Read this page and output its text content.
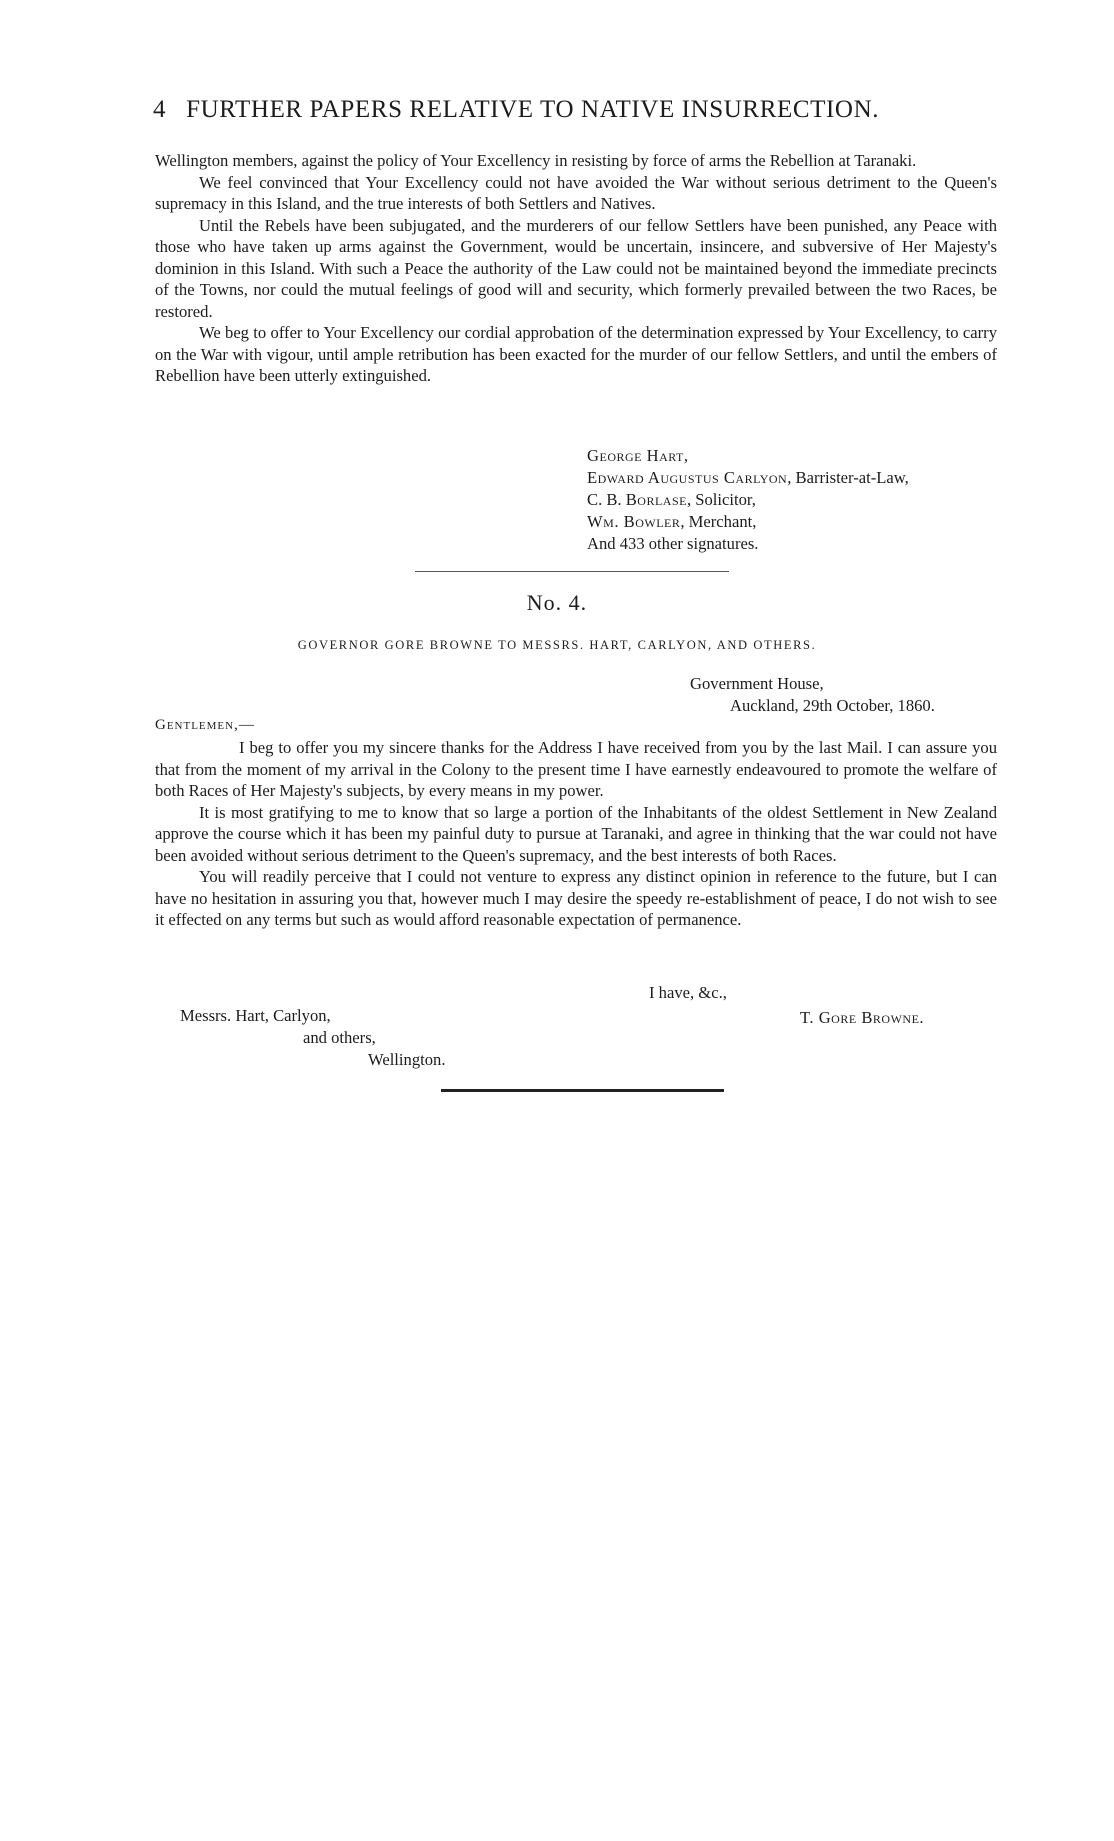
4 FURTHER PAPERS RELATIVE TO NATIVE INSURRECTION.

Wellington members, against the policy of Your Excellency in resisting by force of arms the Rebellion at Taranaki.

We feel convinced that Your Excellency could not have avoided the War without serious detriment to the Queen's supremacy in this Island, and the true interests of both Settlers and Natives.

Until the Rebels have been subjugated, and the murderers of our fellow Settlers have been punished, any Peace with those who have taken up arms against the Government, would be uncertain, insincere, and subversive of Her Majesty's dominion in this Island. With such a Peace the authority of the Law could not be maintained beyond the immediate precincts of the Towns, nor could the mutual feelings of good will and security, which formerly prevailed between the two Races, be restored.

We beg to offer to Your Excellency our cordial approbation of the determination expressed by Your Excellency, to carry on the War with vigour, until ample retribution has been exacted for the murder of our fellow Settlers, and until the embers of Rebellion have been utterly extinguished.

George Hart,
Edward Augustus Carlyon, Barrister-at-Law,
C. B. Borlase, Solicitor,
Wm. Bowler, Merchant,
And 433 other signatures.
No. 4.
GOVERNOR GORE BROWNE TO MESSRS. HART, CARLYON, AND OTHERS.
Government House,
Auckland, 29th October, 1860.
Gentlemen,—

I beg to offer you my sincere thanks for the Address I have received from you by the last Mail. I can assure you that from the moment of my arrival in the Colony to the present time I have earnestly endeavoured to promote the welfare of both Races of Her Majesty's subjects, by every means in my power.

It is most gratifying to me to know that so large a portion of the Inhabitants of the oldest Settlement in New Zealand approve the course which it has been my painful duty to pursue at Taranaki, and agree in thinking that the war could not have been avoided without serious detriment to the Queen's supremacy, and the best interests of both Races.

You will readily perceive that I could not venture to express any distinct opinion in reference to the future, but I can have no hesitation in assuring you that, however much I may desire the speedy re-establishment of peace, I do not wish to see it effected on any terms but such as would afford reasonable expectation of permanence.

I have, &c.,
T. Gore Browne.
Messrs. Hart, Carlyon,
and others,
Wellington.
